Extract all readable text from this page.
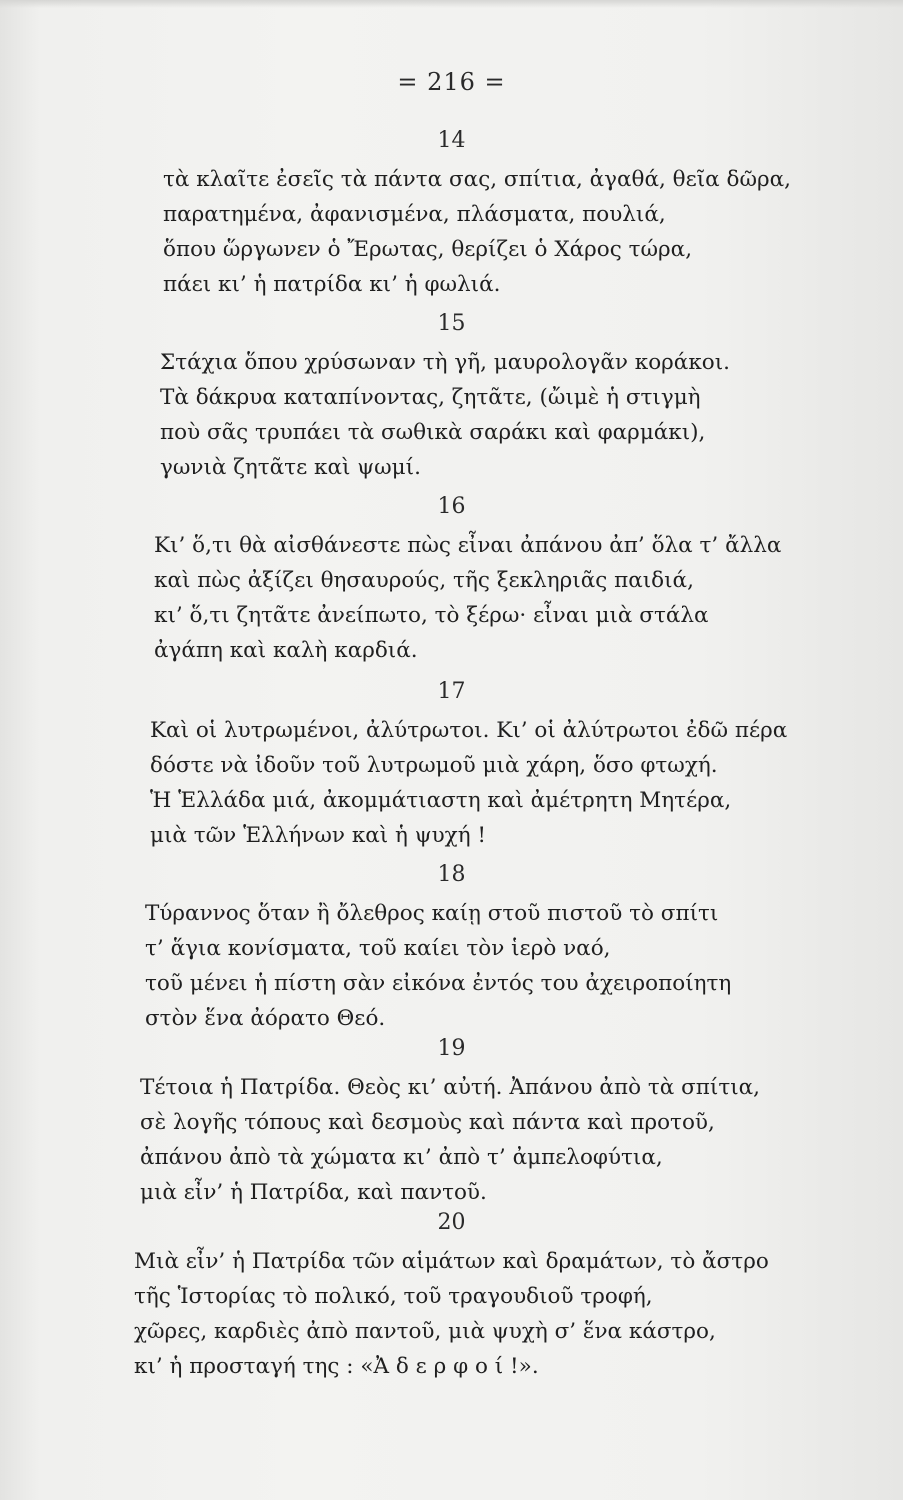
= 216 =
14
τὰ κλαῖτε ἐσεῖς τὰ πάντα σας, σπίτια, ἀγαθά, θεῖα δῶρα,
παρατημένα, ἀφανισμένα, πλάσματα, πουλιά,
ὅπου ὥργωνεν ὁ Ἔρωτας, θερίζει ὁ Χάρος τώρα,
πάει κι’ ἡ πατρίδα κι’ ἡ φωλιά.
15
Στάχια ὅπου χρύσωναν τὴ γῆ, μαυρολογᾶν κοράκοι.
Τὰ δάκρυα καταπίνοντας, ζητᾶτε, (ὤιμὲ ἡ στιγμὴ
ποὺ σᾶς τρυπάει τὰ σωθικὰ σαράκι καὶ φαρμάκι),
γωνιὰ ζητᾶτε καὶ ψωμί.
16
Κι’ ὅ,τι θὰ αἰσθάνεστε πὼς εἶναι ἀπάνου ἀπ’ ὅλα τ’ ἄλλα
καὶ πὼς ἀξίζει θησαυρούς, τῆς ξεκληριᾶς παιδιά,
κι’ ὅ,τι ζητᾶτε ἀνείπωτο, τὸ ξέρω· εἶναι μιὰ στάλα
ἀγάπη καὶ καλὴ καρδιά.
17
Καὶ οἱ λυτρωμένοι, ἀλύτρωτοι. Κι’ οἱ ἀλύτρωτοι ἐδῶ πέρα
δόστε νὰ ἰδοῦν τοῦ λυτρωμοῦ μιὰ χάρη, ὅσο φτωχή.
Ἡ Ἑλλάδα μιά, ἀκομμάτιαστη καὶ ἀμέτρητη Μητέρα,
μιὰ τῶν Ἑλλήνων καὶ ἡ ψυχή !
18
Τύραννος ὅταν ἢ ὄλεθρος καίῃ στοῦ πιστοῦ τὸ σπίτι
τ’ ἅγια κονίσματα, τοῦ καίει τὸν ἱερὸ ναό,
τοῦ μένει ἡ πίστη σὰν εἰκόνα ἐντός του ἀχειροποίητη
στὸν ἕνα ἀόρατο Θεό.
19
Τέτοια ἡ Πατρίδα. Θεὸς κι’ αὐτή. Ἀπάνου ἀπὸ τὰ σπίτια,
σὲ λογῆς τόπους καὶ δεσμοὺς καὶ πάντα καὶ προτοῦ,
ἀπάνου ἀπὸ τὰ χώματα κι’ ἀπὸ τ’ ἀμπελοφύτια,
μιὰ εἶν’ ἡ Πατρίδα, καὶ παντοῦ.
20
Μιὰ εἶν’ ἡ Πατρίδα τῶν αἱμάτων καὶ δραμάτων, τὸ ἄστρο
τῆς Ἱστορίας τὸ πολικό, τοῦ τραγουδιοῦ τροφή,
χῶρες, καρδιὲς ἀπὸ παντοῦ, μιὰ ψυχὴ σ’ ἕνα κάστρο,
κι’ ἡ προσταγή της : «Ἀ δ ε ρ φ ο ί !».
